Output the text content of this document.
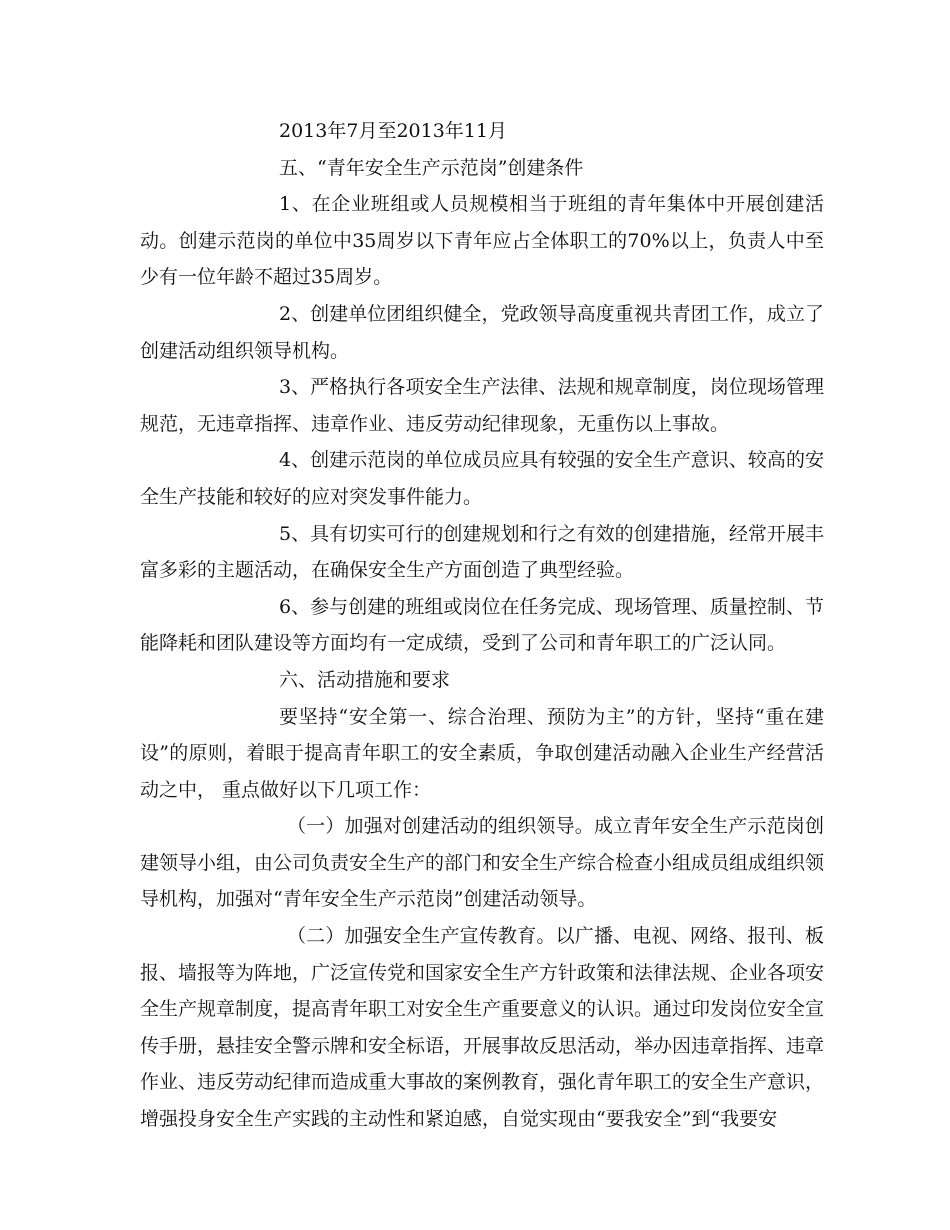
2013年7月至2013年11月

五、“青年安全生产示范岗”创建条件

1、在企业班组或人员规模相当于班组的青年集体中开展创建活动。创建示范岗的单位中35周岁以下青年应占全体职工的70%以上，负责人中至少有一位年龄不超过35周岁。

2、创建单位团组织健全，党政领导高度重视共青团工作，成立了创建活动组织领导机构。

3、严格执行各项安全生产法律、法规和规章制度，岗位现场管理规范，无违章指挥、违章作业、违反劳动纪律现象，无重伤以上事故。

4、创建示范岗的单位成员应具有较强的安全生产意识、较高的安全生产技能和较好的应对突发事件能力。

5、具有切实可行的创建规划和行之有效的创建措施，经常开展丰富多彩的主题活动，在确保安全生产方面创造了典型经验。

6、参与创建的班组或岗位在任务完成、现场管理、质量控制、节能降耗和团队建设等方面均有一定成绩，受到了公司和青年职工的广泛认同。

六、活动措施和要求

要坚持“安全第一、综合治理、预防为主”的方针，坚持“重在建设”的原则，着眼于提高青年职工的安全素质，争取创建活动融入企业生产经营活动之中， 重点做好以下几项工作：

（一）加强对创建活动的组织领导。成立青年安全生产示范岗创建领导小组，由公司负责安全生产的部门和安全生产综合检查小组成员组成组织领导机构，加强对“青年安全生产示范岗”创建活动领导。

（二）加强安全生产宣传教育。以广播、电视、网络、报刊、板报、墙报等为阵地，广泛宣传党和国家安全生产方针政策和法律法规、企业各项安全生产规章制度，提高青年职工对安全生产重要意义的认识。通过印发岗位安全宣传手册，悬挂安全警示牌和安全标语，开展事故反思活动，举办因违章指挥、违章作业、违反劳动纪律而造成重大事故的案例教育，强化青年职工的安全生产意识，增强投身安全生产实践的主动性和紧迫感，自觉实现由“要我安全”到“我要安
